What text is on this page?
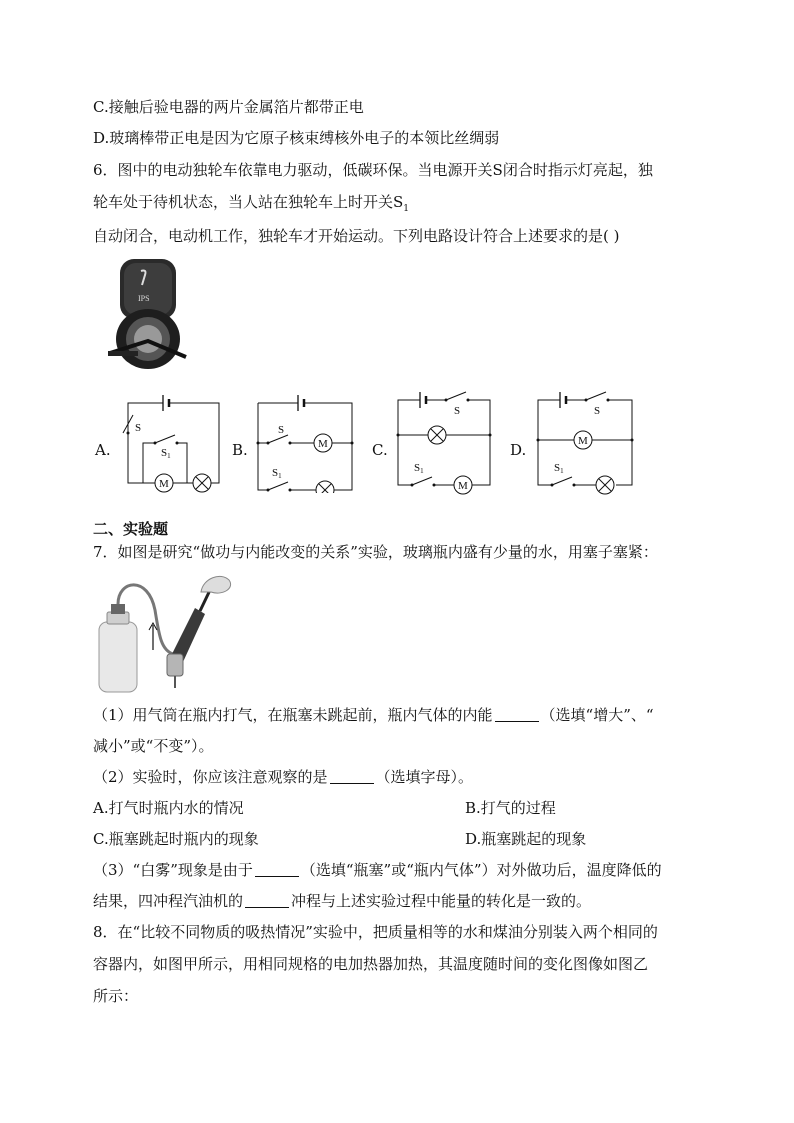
C.接触后验电器的两片金属箔片都带正电
D.玻璃棒带正电是因为它原子核束缚核外电子的本领比丝绸弱
6．图中的电动独轮车依靠电力驱动，低碳环保。当电源开关S闭合时指示灯亮起，独
轮车处于待机状态，当人站在独轮车上时开关$S_1$
自动闭合，电动机工作，独轮车才开始运动。下列电路设计符合上述要求的是( )
IPS
A.
S
S1
M
B.
S
S1
M	C.
S
S1
M
D.
S
S1
M
二、实验题
7．如图是研究“做功与内能改变的关系”实验，玻璃瓶内盛有少量的水，用塞子塞紧：
（1）用气筒在瓶内打气，在瓶塞未跳起前，瓶内气体的内能	（选填“增大”、“
减小”或“不变”）。
（2）实验时，你应该注意观察的是	（选填字母）。
A.打气时瓶内水的情况	B.打气的过程
C.瓶塞跳起时瓶内的现象	D.瓶塞跳起的现象
（3）“白雾”现象是由于	（选填“瓶塞”或“瓶内气体”）对外做功后，温度降低的
结果，四冲程汽油机的	冲程与上述实验过程中能量的转化是一致的。
8．在“比较不同物质的吸热情况”实验中，把质量相等的水和煤油分别装入两个相同的
容器内，如图甲所示，用相同规格的电加热器加热，其温度随时间的变化图像如图乙
所示：
